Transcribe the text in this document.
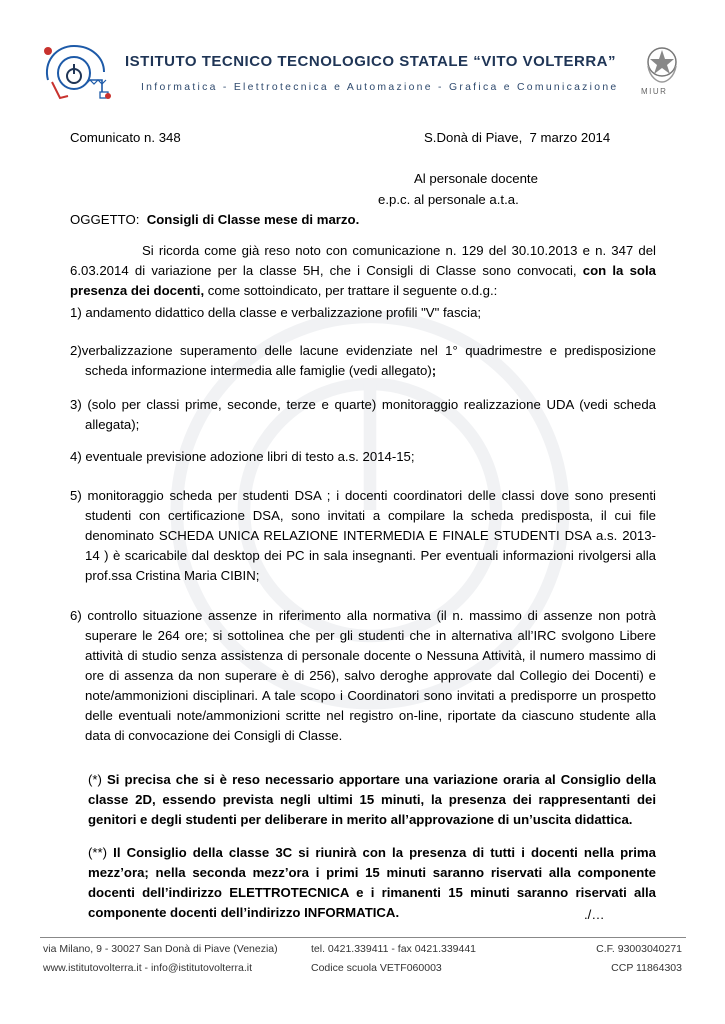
ISTITUTO TECNICO TECNOLOGICO STATALE “VITO VOLTERRA”
Informatica - Elettrotecnica e Automazione - Grafica e Comunicazione	MIUR
Comunicato n. 348	S.Donà di Piave,  7 marzo 2014
Al personale docente
e.p.c. al personale a.t.a.
OGGETTO: Consigli di Classe mese di marzo.
Si ricorda come già reso noto con comunicazione n. 129 del 30.10.2013 e n. 347 del 6.03.2014 di variazione per la classe 5H, che i Consigli di Classe sono convocati, con la sola presenza dei docenti, come sottoindicato, per trattare il seguente o.d.g.:
1) andamento didattico della classe e verbalizzazione profili "V" fascia;
2)verbalizzazione superamento delle lacune evidenziate nel 1° quadrimestre e predisposizione scheda informazione intermedia alle famiglie (vedi allegato);
3) (solo per classi prime, seconde, terze e quarte) monitoraggio realizzazione UDA (vedi scheda allegata);
4) eventuale previsione adozione libri di testo a.s. 2014-15;
5) monitoraggio scheda per studenti DSA ; i docenti coordinatori delle classi dove sono presenti studenti con certificazione DSA, sono invitati a compilare la scheda predisposta, il cui file denominato SCHEDA UNICA RELAZIONE INTERMEDIA E FINALE STUDENTI DSA a.s. 2013-14 ) è scaricabile dal desktop dei PC in sala insegnanti. Per eventuali informazioni rivolgersi alla prof.ssa Cristina Maria CIBIN;
6) controllo situazione assenze in riferimento alla normativa (il n. massimo di assenze non potrà superare le 264 ore; si sottolinea che per gli studenti che in alternativa all’IRC svolgono Libere attività di studio senza assistenza di personale docente o Nessuna Attività, il numero massimo di ore di assenza da non superare è di 256), salvo deroghe approvate dal Collegio dei Docenti) e note/ammonizioni disciplinari. A tale scopo i Coordinatori sono invitati a predisporre un prospetto delle eventuali note/ammonizioni scritte nel registro on-line, riportate da ciascuno studente alla data di convocazione dei Consigli di Classe.
(*) Si precisa che si è reso necessario apportare una variazione oraria al Consiglio della classe 2D, essendo prevista negli ultimi 15 minuti, la presenza dei rappresentanti dei genitori e degli studenti per deliberare in merito all’approvazione di un’uscita didattica.
(**) Il Consiglio della classe 3C si riunirà con la presenza di tutti i docenti nella prima mezz’ora; nella seconda mezz’ora i primi 15 minuti saranno riservati alla componente docenti dell’indirizzo ELETTROTECNICA e i rimanenti 15 minuti saranno riservati alla componente docenti dell’indirizzo INFORMATICA.	./…
via Milano, 9 - 30027 San Donà di Piave (Venezia)
www.istitutovolterra.it - info@istitutovolterra.it
tel. 0421.339411 - fax 0421.339441
Codice scuola VETF060003
C.F. 93003040271
CCP 11864303
